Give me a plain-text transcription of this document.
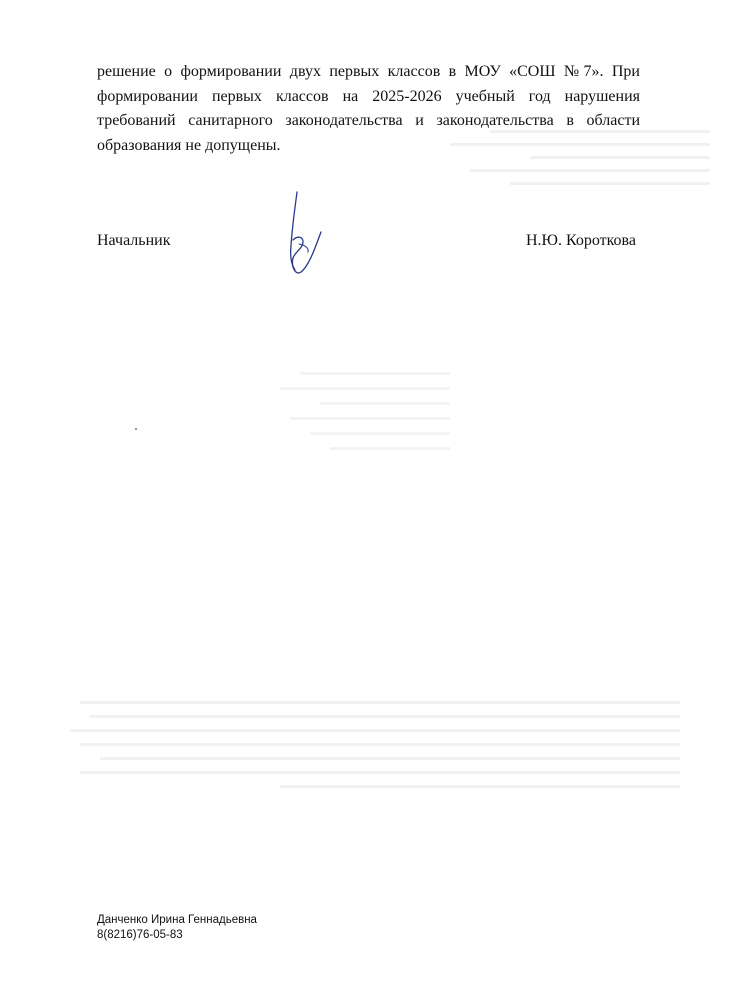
решение о формировании двух первых классов в МОУ «СОШ №7». При
формировании первых классов на 2025-2026 учебный год нарушения
требований санитарного законодательства и законодательства в области
образования не допущены.
Начальник	Н.Ю. Короткова
Данченко Ирина Геннадьевна
8(8216)76-05-83
